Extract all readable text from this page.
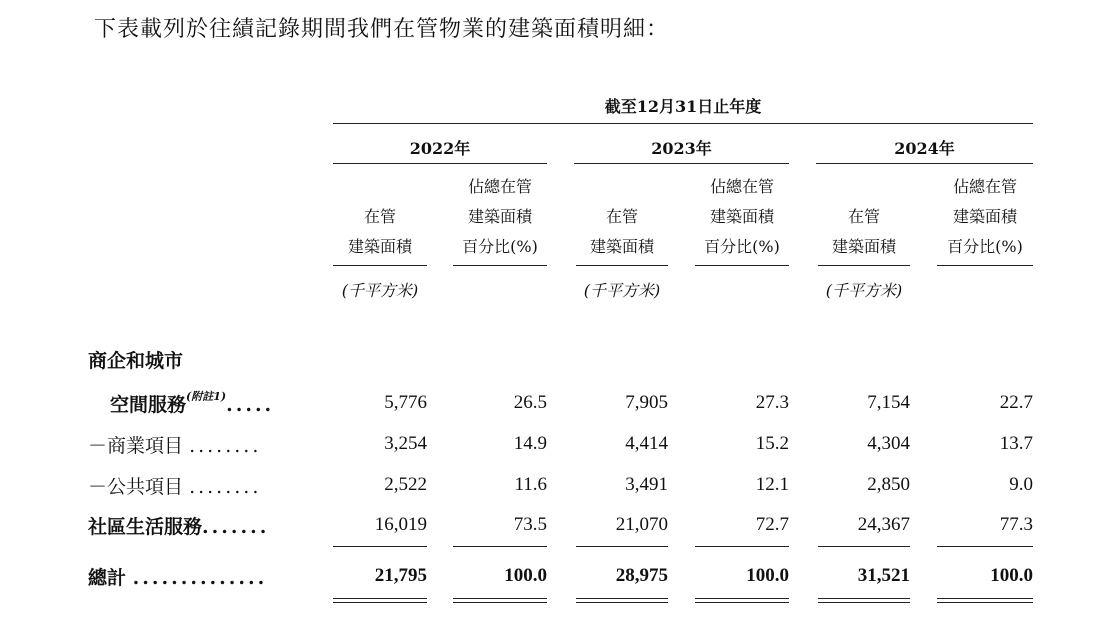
下表載列於往績記錄期間我們在管物業的建築面積明細：
截至12月31日止年度
2022年	2023年	2024年
在管
建築面積
佔總在管
建築面積
百分比(%)
在管
建築面積
佔總在管
建築面積
百分比(%)
在管
建築面積
佔總在管
建築面積
百分比(%)
(千平方米)	(千平方米)	(千平方米)
商企和城市
空間服務$^{(附註1)}$.....	5,776	26.5	7,905	27.3	7,154	22.7
－商業項目 ........	3,254	14.9	4,414	15.2	4,304	13.7
－公共項目 ........	2,522	11.6	3,491	12.1	2,850	9.0
社區生活服務.......	16,019	73.5	21,070	72.7	24,367	77.3
總計 ..............	21,795	100.0	28,975	100.0	31,521	100.0
